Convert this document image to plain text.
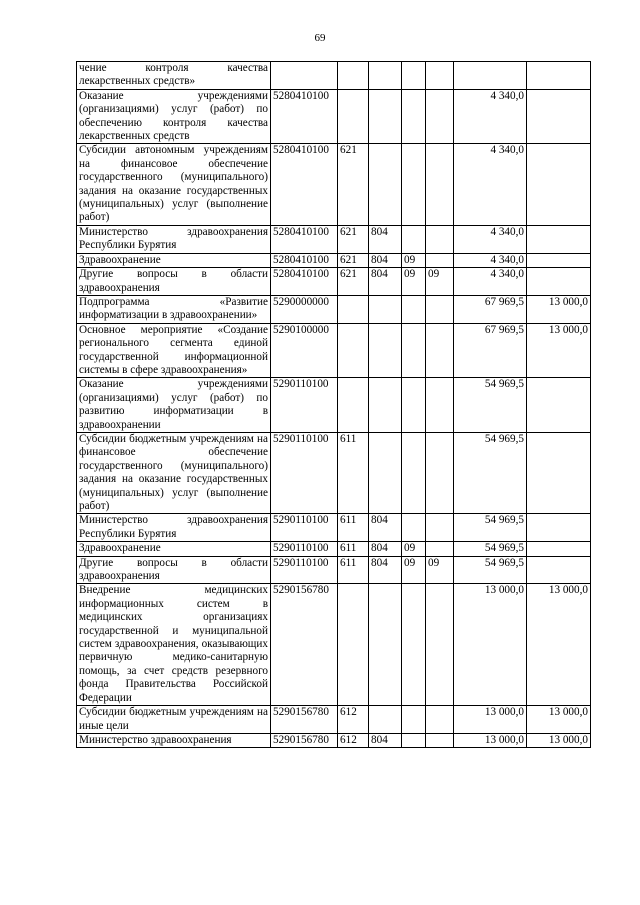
69
чение контроля качества лекарственных средств»							
Оказание учреждениями (организациями) услуг (работ) по обеспечению контроля качества лекарственных средств	5280410100					4 340,0	
Субсидии автономным учреждениям на финансовое обеспечение государственного (муниципального) задания на оказание государственных (муниципальных) услуг (выполнение работ)	5280410100	621				4 340,0	
Министерство здравоохранения Республики Бурятия	5280410100	621	804			4 340,0	
Здравоохранение	5280410100	621	804	09		4 340,0	
Другие вопросы в области здравоохранения	5280410100	621	804	09	09	4 340,0	
Подпрограмма «Развитие информатизации в здравоохранении»	5290000000					67 969,5	13 000,0
Основное мероприятие «Создание регионального сегмента единой государственной информационной системы в сфере здравоохранения»	5290100000					67 969,5	13 000,0
Оказание учреждениями (организациями) услуг (работ) по развитию информатизации в здравоохранении	5290110100					54 969,5	
Субсидии бюджетным учреждениям на финансовое обеспечение государственного (муниципального) задания на оказание государственных (муниципальных) услуг (выполнение работ)	5290110100	611				54 969,5	
Министерство здравоохранения Республики Бурятия	5290110100	611	804			54 969,5	
Здравоохранение	5290110100	611	804	09		54 969,5	
Другие вопросы в области здравоохранения	5290110100	611	804	09	09	54 969,5	
Внедрение медицинских информационных систем в медицинских организациях государственной и муниципальной систем здравоохранения, оказывающих первичную медико-санитарную помощь, за счет средств резервного фонда Правительства Российской Федерации	5290156780					13 000,0	13 000,0
Субсидии бюджетным учреждениям на иные цели	5290156780	612				13 000,0	13 000,0
Министерство здравоохранения	5290156780	612	804			13 000,0	13 000,0
